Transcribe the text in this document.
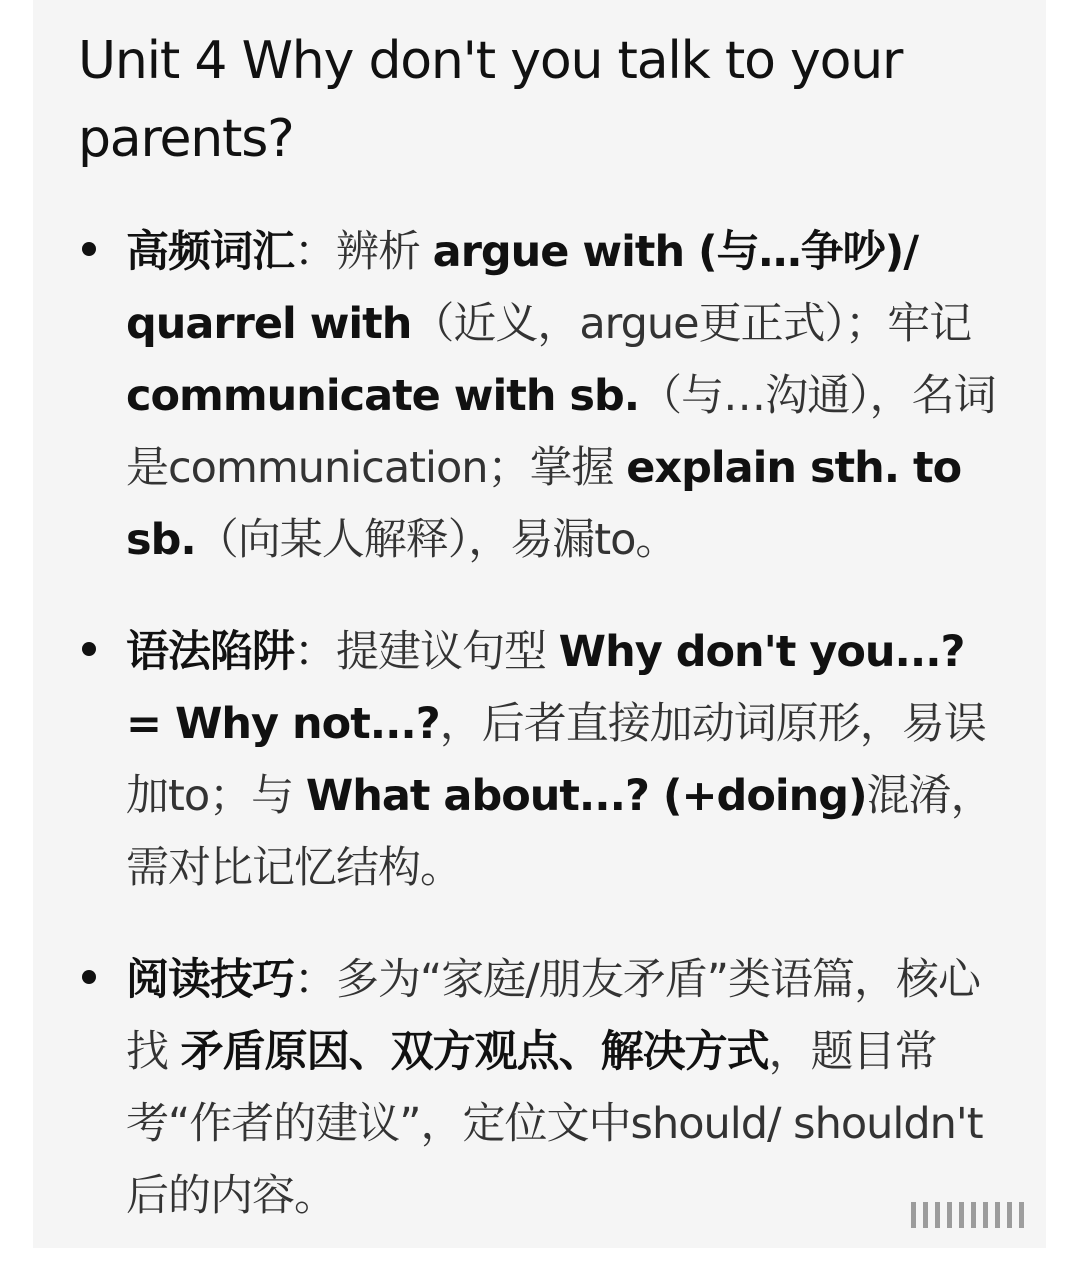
Unit 4 Why don't you talk to your parents?
高频词汇：辨析 argue with (与…争吵)/ quarrel with（近义，argue更正式）；牢记 communicate with sb.（与…沟通），名词是communication；掌握 explain sth. to sb.（向某人解释），易漏to。
语法陷阱：提建议句型 Why don't you...? = Why not...?，后者直接加动词原形，易误加to；与 What about...? (+doing)混淆，需对比记忆结构。
阅读技巧：多为“家庭/朋友矛盾”类语篇，核心找 矛盾原因、双方观点、解决方式，题目常考“作者的建议”，定位文中should/ shouldn't后的内容。
